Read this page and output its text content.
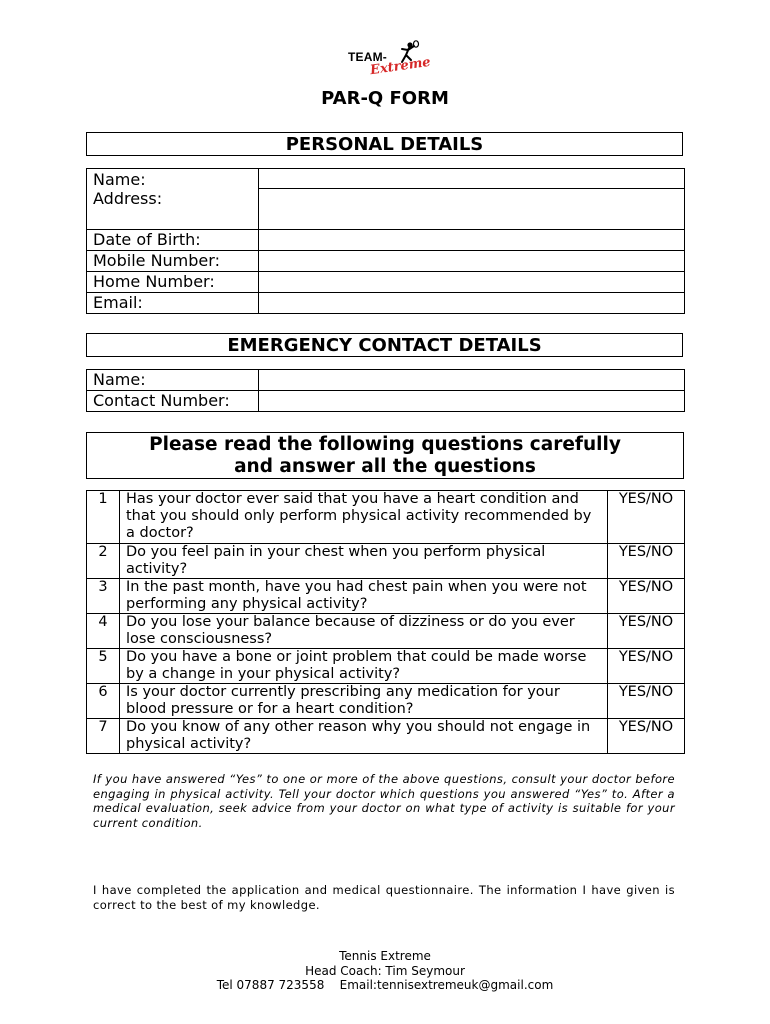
TEAM-
Extreme
PAR-Q FORM
PERSONAL DETAILS
Name:
Address:	

Date of Birth:	
Mobile Number:	
Home Number:	
Email:	
EMERGENCY CONTACT DETAILS
Name:	
Contact Number:	
Please read the following questions carefully
and answer all the questions
1	Has your doctor ever said that you have a heart condition and that you should only perform physical activity recommended by a doctor?	YES/NO
2	Do you feel pain in your chest when you perform physical activity?	YES/NO
3	In the past month, have you had chest pain when you were not performing any physical activity?	YES/NO
4	Do you lose your balance because of dizziness or do you ever lose consciousness?	YES/NO
5	Do you have a bone or joint problem that could be made worse by a change in your physical activity?	YES/NO
6	Is your doctor currently prescribing any medication for your blood pressure or for a heart condition?	YES/NO
7	Do you know of any other reason why you should not engage in physical activity?	YES/NO
If you have answered “Yes” to one or more of the above questions, consult your doctor before engaging in physical activity. Tell your doctor which questions you answered “Yes” to. After a medical evaluation, seek advice from your doctor on what type of activity is suitable for your current condition.
I have completed the application and medical questionnaire. The information I have given is correct to the best of my knowledge.
Tennis Extreme
Head Coach: Tim Seymour
Tel 07887 723558 Email:tennisextremeuk@gmail.com
